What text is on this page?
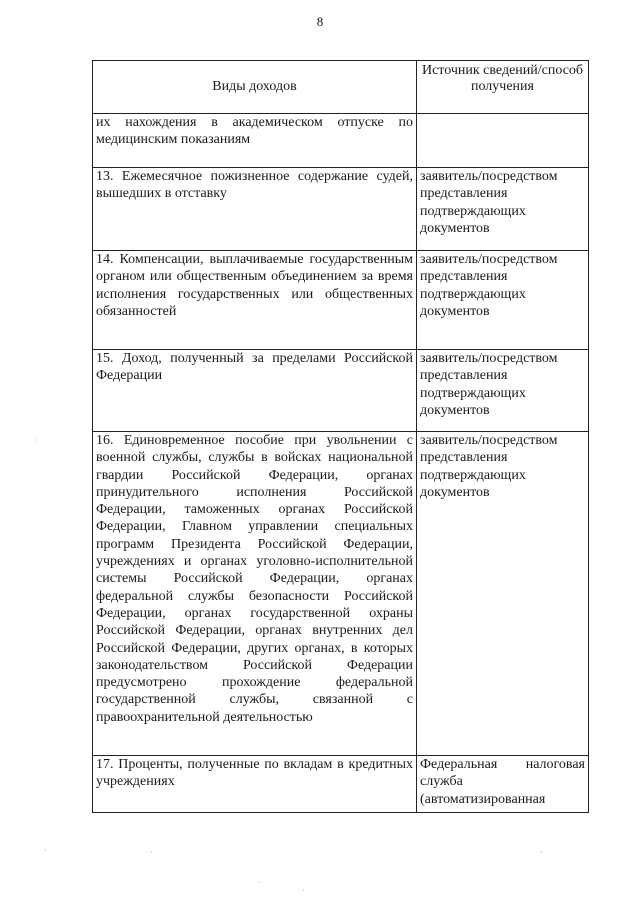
8
Виды доходов	Источник сведений/способ получения
их нахождения в академическом отпуске по медицинским показаниям	
13. Ежемесячное пожизненное содержание судей, вышедших в отставку	заявитель/посредством представления подтверждающих документов
14. Компенсации, выплачиваемые государственным органом или общественным объединением за время исполнения государственных или общественных обязанностей	заявитель/посредством представления подтверждающих документов
15. Доход, полученный за пределами Российской Федерации	заявитель/посредством представления подтверждающих документов
16. Единовременное пособие при увольнении с военной службы, службы в войсках национальной гвардии Российской Федерации, органах принудительного исполнения Российской Федерации, таможенных органах Российской Федерации, Главном управлении специальных программ Президента Российской Федерации, учреждениях и органах уголовно-исполнительной системы Российской Федерации, органах федеральной службы безопасности Российской Федерации, органах государственной охраны Российской Федерации, органах внутренних дел Российской Федерации, других органах, в которых законодательством Российской Федерации предусмотрено прохождение федеральной государственной службы, связанной с правоохранительной деятельностью	заявитель/посредством представления подтверждающих документов
17. Проценты, полученные по вкладам в кредитных учреждениях	Федеральная налоговая служба (автоматизированная
·
·	·
·
·
·
